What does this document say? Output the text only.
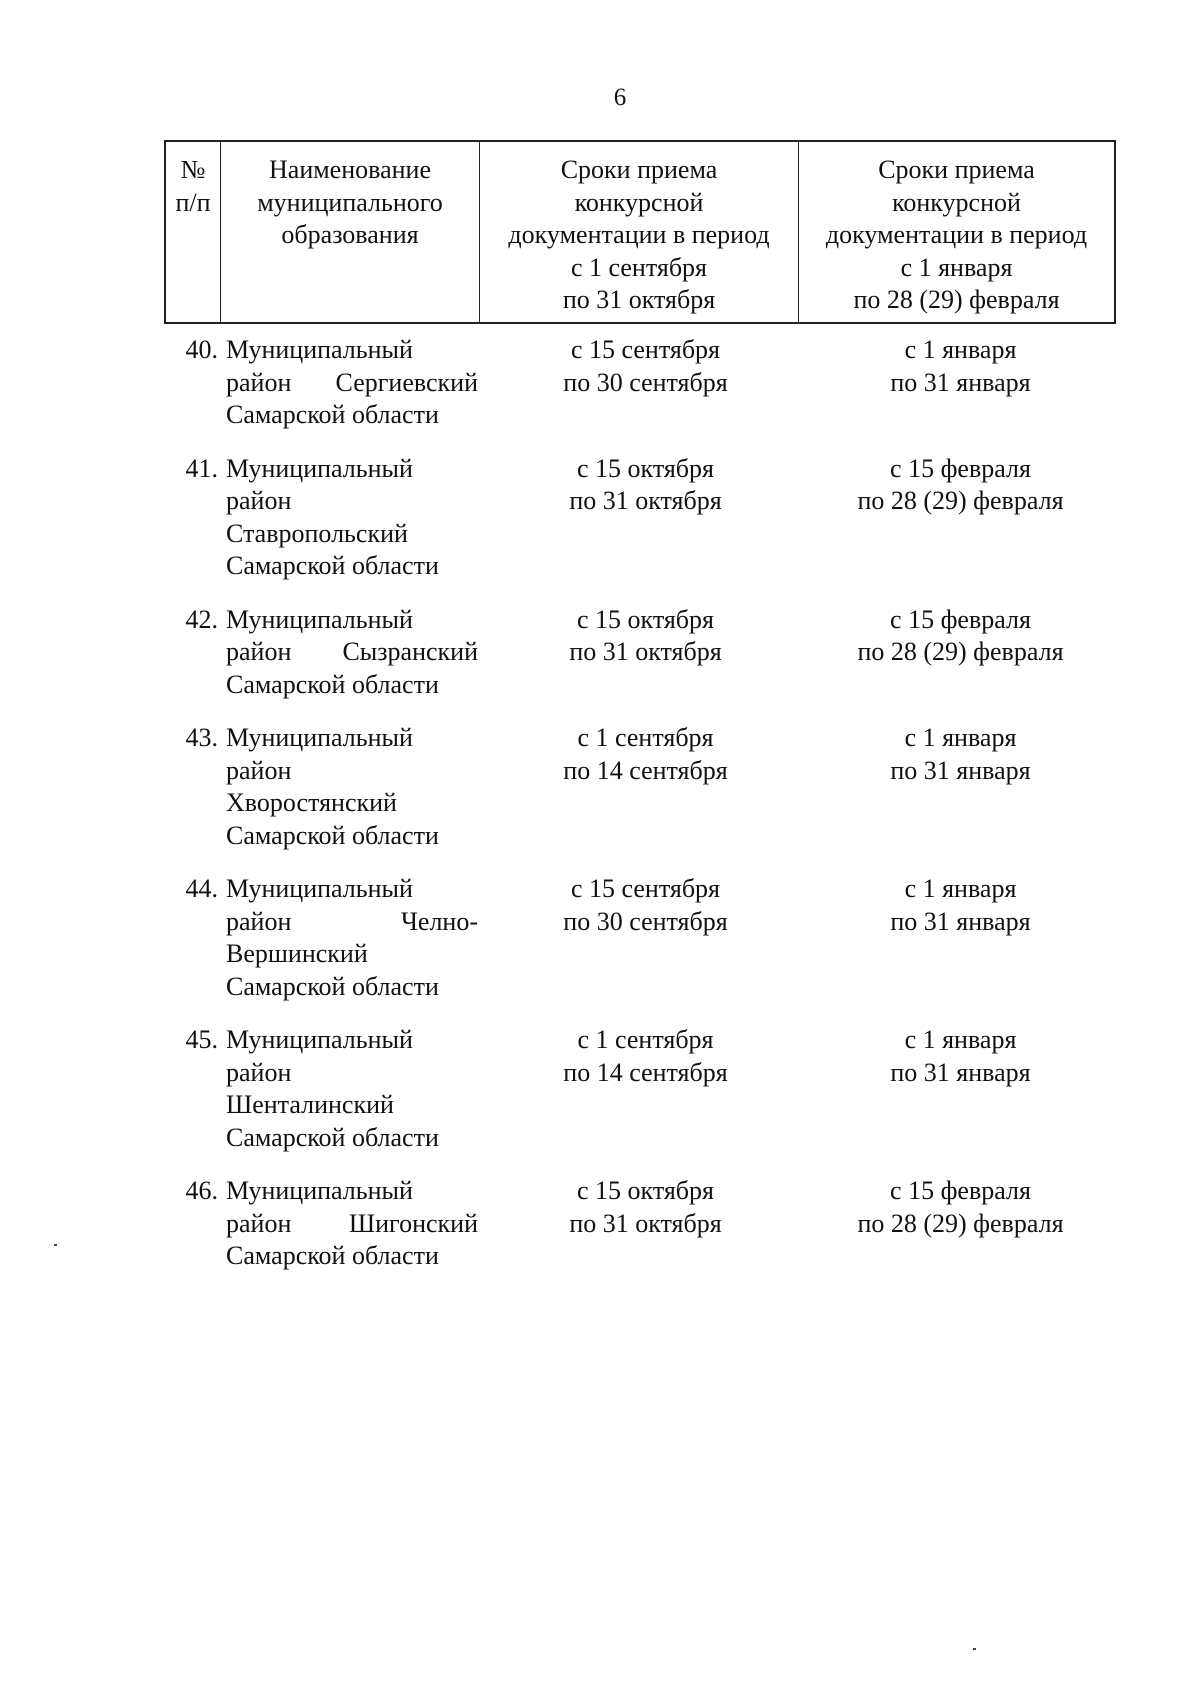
6
№
п/п
Наименование
муниципального
образования
Сроки приема
конкурсной
документации в период
с 1 сентября
по 31 октября
Сроки приема
конкурсной
документации в период
с 1 января
по 28 (29) февраля
40. Муниципальный
район Сергиевский
Самарской области
с 15 сентября
по 30 сентября
с 1 января
по 31 января
41. Муниципальный
район
Ставропольский
Самарской области
с 15 октября
по 31 октября
с 15 февраля
по 28 (29) февраля
42. Муниципальный
район Сызранский
Самарской области
с 15 октября
по 31 октября
с 15 февраля
по 28 (29) февраля
43. Муниципальный
район
Хворостянский
Самарской области
с 1 сентября
по 14 сентября
с 1 января
по 31 января
44. Муниципальный
район Челно-
Вершинский
Самарской области
с 15 сентября
по 30 сентября
с 1 января
по 31 января
45. Муниципальный
район
Шенталинский
Самарской области
с 1 сентября
по 14 сентября
с 1 января
по 31 января
46. Муниципальный
район Шигонский
Самарской области
с 15 октября
по 31 октября
с 15 февраля
по 28 (29) февраля
